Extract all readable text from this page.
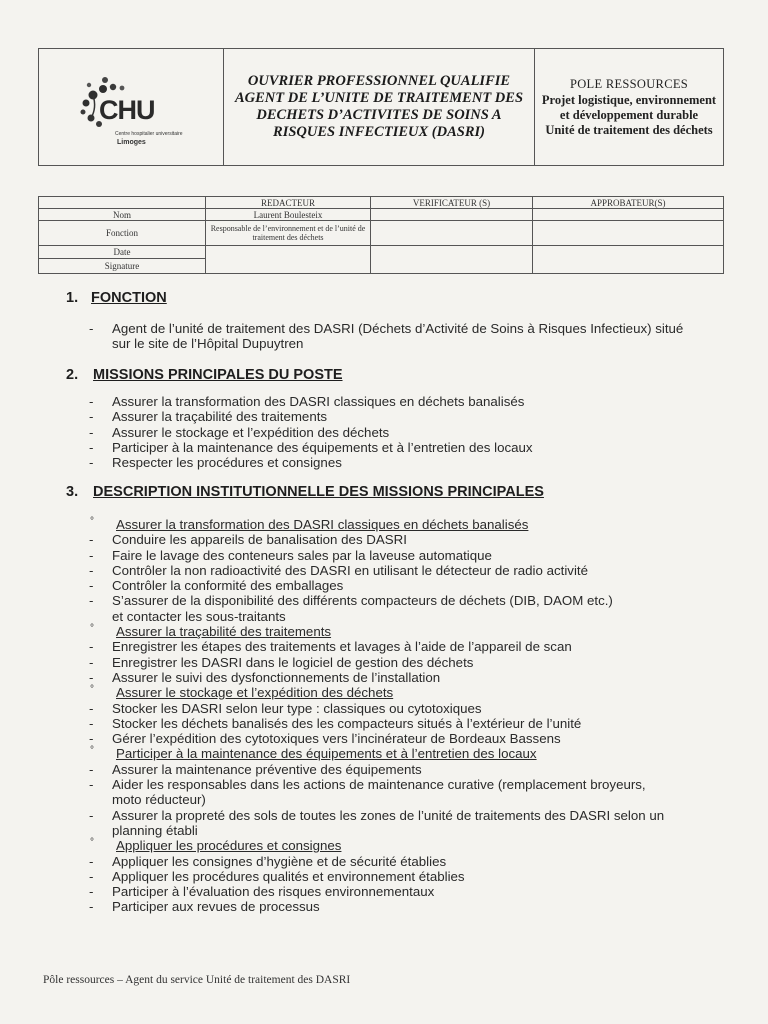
CHU
Centre hospitalier universitaire
Limoges

OUVRIER PROFESSIONNEL QUALIFIE
AGENT DE L’UNITE DE TRAITEMENT DES
DECHETS D’ACTIVITES DE SOINS A
RISQUES INFECTIEUX (DASRI)

POLE RESSOURCES
Projet logistique, environnement
et développement durable
Unité de traitement des déchets
	REDACTEUR	VERIFICATEUR (S)	APPROBATEUR(S)
Nom	Laurent Boulesteix		
Fonction	Responsable de l’environnement et de l’unité de traitement des déchets		
Date			
Signature			
1. FONCTION
- Agent de l’unité de traitement des DASRI (Déchets d’Activité de Soins à Risques Infectieux) situé
sur le site de l’Hôpital Dupuytren
2. MISSIONS PRINCIPALES DU POSTE
- Assurer la transformation des DASRI classiques en déchets banalisés
- Assurer la traçabilité des traitements
- Assurer le stockage et l’expédition des déchets
- Participer à la maintenance des équipements et à l’entretien des locaux
- Respecter les procédures et consignes
3. DESCRIPTION INSTITUTIONNELLE DES MISSIONS PRINCIPALES
° Assurer la transformation des DASRI classiques en déchets banalisés
- Conduire les appareils de banalisation des DASRI
- Faire le lavage des conteneurs sales par la laveuse automatique
- Contrôler la non radioactivité des DASRI en utilisant le détecteur de radio activité
- Contrôler la conformité des emballages
- S’assurer de la disponibilité des différents compacteurs de déchets (DIB, DAOM etc.)
et contacter les sous-traitants
° Assurer la traçabilité des traitements
- Enregistrer les étapes des traitements et lavages à l’aide de l’appareil de scan
- Enregistrer les DASRI dans le logiciel de gestion des déchets
- Assurer le suivi des dysfonctionnements de l’installation
° Assurer le stockage et l’expédition des déchets
- Stocker les DASRI selon leur type : classiques ou cytotoxiques
- Stocker les déchets banalisés des les compacteurs situés à l’extérieur de l’unité
- Gérer l’expédition des cytotoxiques vers l’incinérateur de Bordeaux Bassens
° Participer à la maintenance des équipements et à l’entretien des locaux
- Assurer la maintenance préventive des équipements
- Aider les responsables dans les actions de maintenance curative (remplacement broyeurs,
moto réducteur)
- Assurer la propreté des sols de toutes les zones de l’unité de traitements des DASRI selon un
planning établi
° Appliquer les procédures et consignes
- Appliquer les consignes d’hygiène et de sécurité établies
- Appliquer les procédures qualités et environnement établies
- Participer à l’évaluation des risques environnementaux
- Participer aux revues de processus
Pôle ressources – Agent du service Unité de traitement des DASRI
